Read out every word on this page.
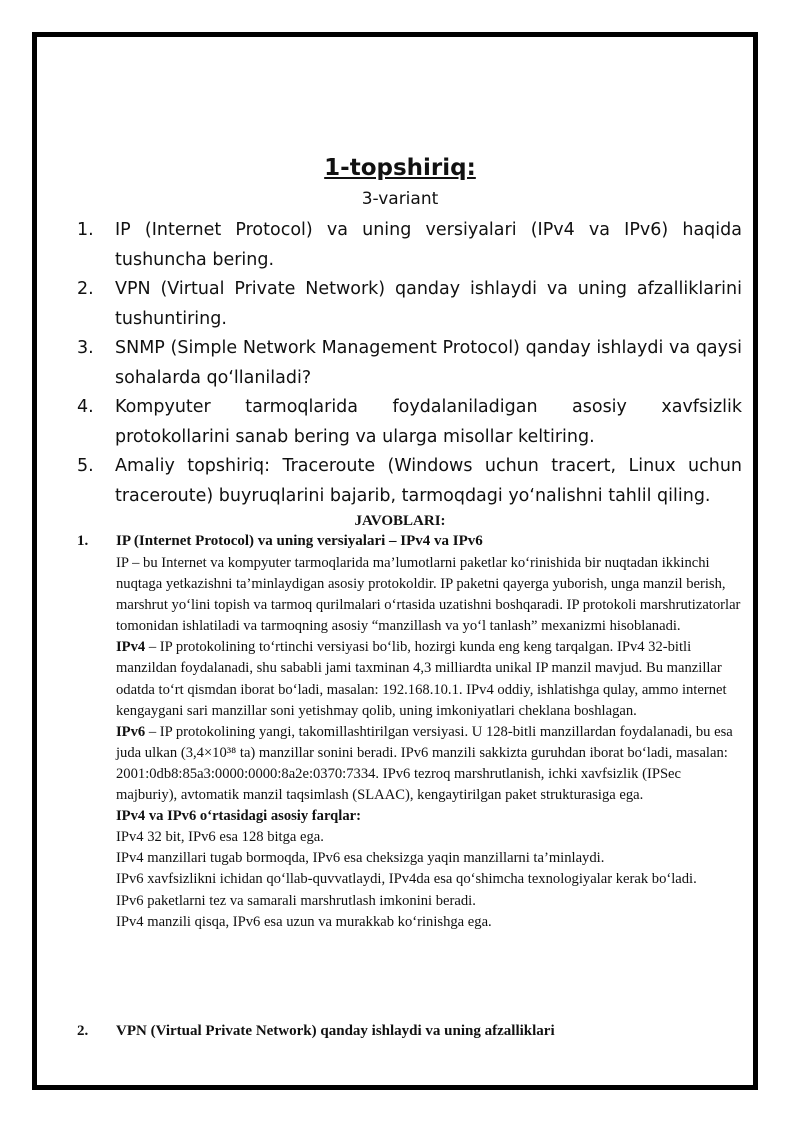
1-topshiriq:
3-variant
1. IP (Internet Protocol) va uning versiyalari (IPv4 va IPv6) haqida tushuncha bering.
2. VPN (Virtual Private Network) qanday ishlaydi va uning afzalliklarini tushuntiring.
3. SNMP (Simple Network Management Protocol) qanday ishlaydi va qaysi sohalarda qo‘llaniladi?
4. Kompyuter tarmoqlarida foydalaniladigan asosiy xavfsizlik protokollarini sanab bering va ularga misollar keltiring.
5. Amaliy topshiriq: Traceroute (Windows uchun tracert, Linux uchun traceroute) buyruqlarini bajarib, tarmoqdagi yo‘nalishni tahlil qiling.
JAVOBLARI:
1. IP (Internet Protocol) va uning versiyalari – IPv4 va IPv6

IP – bu Internet va kompyuter tarmoqlarida ma’lumotlarni paketlar ko‘rinishida bir nuqtadan ikkinchi nuqtaga yetkazishni ta’minlaydigan asosiy protokoldir. IP paketni qayerga yuborish, unga manzil berish, marshrut yo‘lini topish va tarmoq qurilmalari o‘rtasida uzatishni boshqaradi. IP protokoli marshrutizatorlar tomonidan ishlatiladi va tarmoqning asosiy “manzillash va yo‘l tanlash” mexanizmi hisoblanadi.

IPv4 – IP protokolining to‘rtinchi versiyasi bo‘lib, hozirgi kunda eng keng tarqalgan. IPv4 32-bitli manzildan foydalanadi, shu sababli jami taxminan 4,3 milliardta unikal IP manzil mavjud. Bu manzillar odatda to‘rt qismdan iborat bo‘ladi, masalan: 192.168.10.1. IPv4 oddiy, ishlatishga qulay, ammo internet kengaygani sari manzillar soni yetishmay qolib, uning imkoniyatlari cheklana boshlagan.

IPv6 – IP protokolining yangi, takomillashtirilgan versiyasi. U 128-bitli manzillardan foydalanadi, bu esa juda ulkan (3,4×10³⁸ ta) manzillar sonini beradi. IPv6 manzili sakkizta guruhdan iborat bo‘ladi, masalan: 2001:0db8:85a3:0000:0000:8a2e:0370:7334. IPv6 tezroq marshrutlanish, ichki xavfsizlik (IPSec majburiy), avtomatik manzil taqsimlash (SLAAC), kengaytirilgan paket strukturasiga ega.

IPv4 va IPv6 o‘rtasidagi asosiy farqlar:

IPv4 32 bit, IPv6 esa 128 bitga ega.

IPv4 manzillari tugab bormoqda, IPv6 esa cheksizga yaqin manzillarni ta’minlaydi.

IPv6 xavfsizlikni ichidan qo‘llab-quvvatlaydi, IPv4da esa qo‘shimcha texnologiyalar kerak bo‘ladi.

IPv6 paketlarni tez va samarali marshrutlash imkonini beradi.

IPv4 manzili qisqa, IPv6 esa uzun va murakkab ko‘rinishga ega.

2. VPN (Virtual Private Network) qanday ishlaydi va uning afzalliklari
